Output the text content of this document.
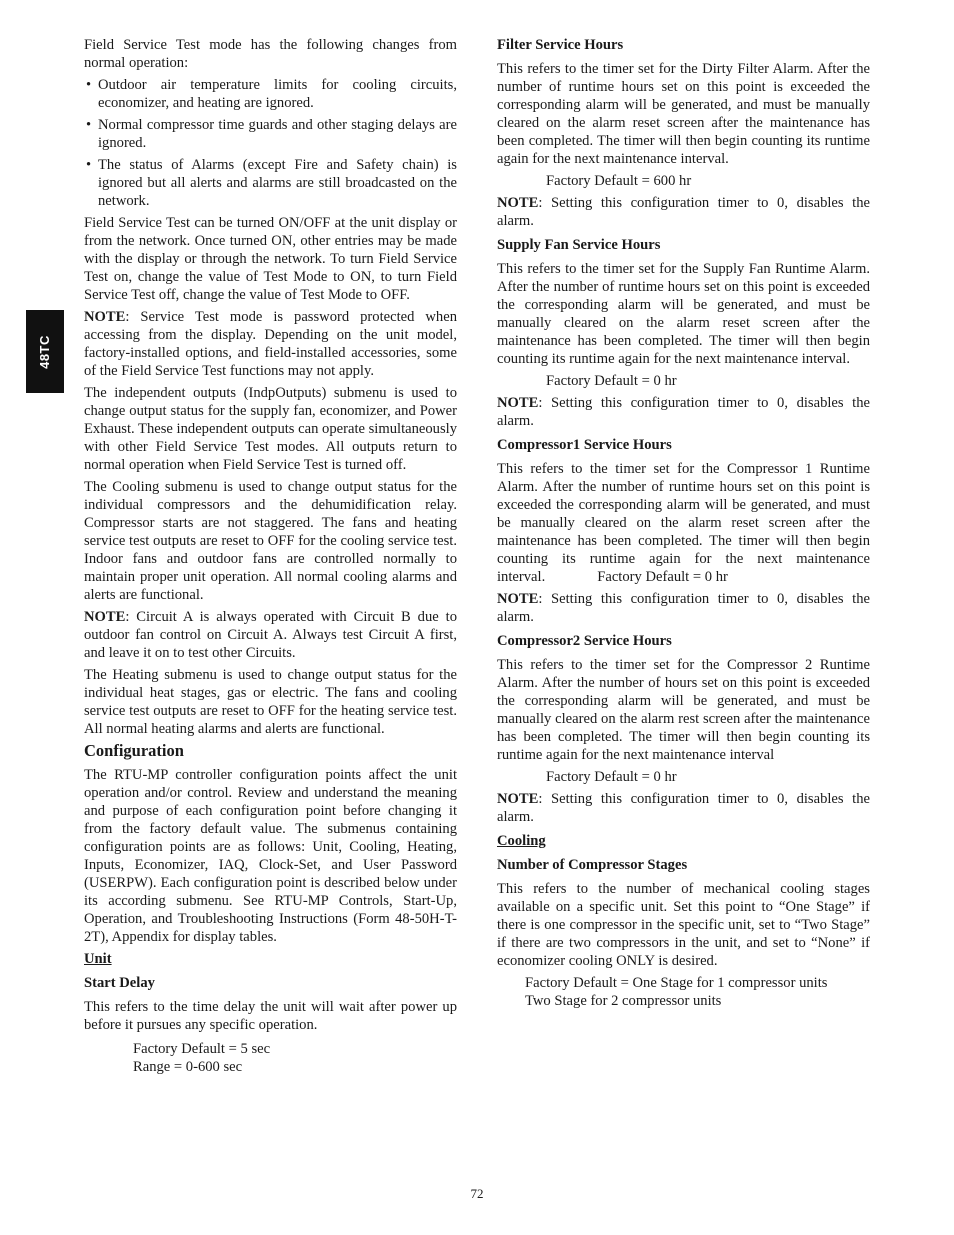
48TC

Field Service Test mode has the following changes from normal operation:

• Outdoor air temperature limits for cooling circuits, economizer, and heating are ignored.
• Normal compressor time guards and other staging delays are ignored.
• The status of Alarms (except Fire and Safety chain) is ignored but all alerts and alarms are still broadcasted on the network.

Field Service Test can be turned ON/OFF at the unit display or from the network. Once turned ON, other entries may be made with the display or through the network. To turn Field Service Test on, change the value of Test Mode to ON, to turn Field Service Test off, change the value of Test Mode to OFF.

NOTE: Service Test mode is password protected when accessing from the display. Depending on the unit model, factory-installed options, and field-installed accessories, some of the Field Service Test functions may not apply.

The independent outputs (IndpOutputs) submenu is used to change output status for the supply fan, economizer, and Power Exhaust. These independent outputs can operate simultaneously with other Field Service Test modes. All outputs return to normal operation when Field Service Test is turned off.

The Cooling submenu is used to change output status for the individual compressors and the dehumidification relay. Compressor starts are not staggered. The fans and heating service test outputs are reset to OFF for the cooling service test. Indoor fans and outdoor fans are controlled normally to maintain proper unit operation. All normal cooling alarms and alerts are functional.

NOTE: Circuit A is always operated with Circuit B due to outdoor fan control on Circuit A. Always test Circuit A first, and leave it on to test other Circuits.

The Heating submenu is used to change output status for the individual heat stages, gas or electric. The fans and cooling service test outputs are reset to OFF for the heating service test. All normal heating alarms and alerts are functional.

Configuration

The RTU-MP controller configuration points affect the unit operation and/or control. Review and understand the meaning and purpose of each configuration point before changing it from the factory default value. The submenus containing configuration points are as follows: Unit, Cooling, Heating, Inputs, Economizer, IAQ, Clock-Set, and User Password (USERPW). Each configuration point is described below under its according submenu. See RTU-MP Controls, Start-Up, Operation, and Troubleshooting Instructions (Form 48-50H-T-2T), Appendix for display tables.

Unit
Start Delay

This refers to the time delay the unit will wait after power up before it pursues any specific operation.

Factory Default = 5 sec
Range = 0-600 sec
Filter Service Hours

This refers to the timer set for the Dirty Filter Alarm. After the number of runtime hours set on this point is exceeded the corresponding alarm will be generated, and must be manually cleared on the alarm reset screen after the maintenance has been completed. The timer will then begin counting its runtime again for the next maintenance interval.

Factory Default = 600 hr

NOTE: Setting this configuration timer to 0, disables the alarm.

Supply Fan Service Hours

This refers to the timer set for the Supply Fan Runtime Alarm. After the number of runtime hours set on this point is exceeded the corresponding alarm will be generated, and must be manually cleared on the alarm reset screen after the maintenance has been completed. The timer will then begin counting its runtime again for the next maintenance interval.

Factory Default = 0 hr

NOTE: Setting this configuration timer to 0, disables the alarm.

Compressor1 Service Hours

This refers to the timer set for the Compressor 1 Runtime Alarm. After the number of runtime hours set on this point is exceeded the corresponding alarm will be generated, and must be manually cleared on the alarm reset screen after the maintenance has been completed. The timer will then begin counting its runtime again for the next maintenance interval.	Factory Default = 0 hr

NOTE: Setting this configuration timer to 0, disables the alarm.

Compressor2 Service Hours

This refers to the timer set for the Compressor 2 Runtime Alarm. After the number of hours set on this point is exceeded the corresponding alarm will be generated, and must be manually cleared on the alarm rest screen after the maintenance has been completed. The timer will then begin counting its runtime again for the next maintenance interval

Factory Default = 0 hr

NOTE: Setting this configuration timer to 0, disables the alarm.

Cooling
Number of Compressor Stages

This refers to the number of mechanical cooling stages available on a specific unit. Set this point to “One Stage” if there is one compressor in the specific unit, set to “Two Stage” if there are two compressors in the unit, and set to “None” if economizer cooling ONLY is desired.

Factory Default = One Stage for 1 compressor units
Two Stage for 2 compressor units
72
